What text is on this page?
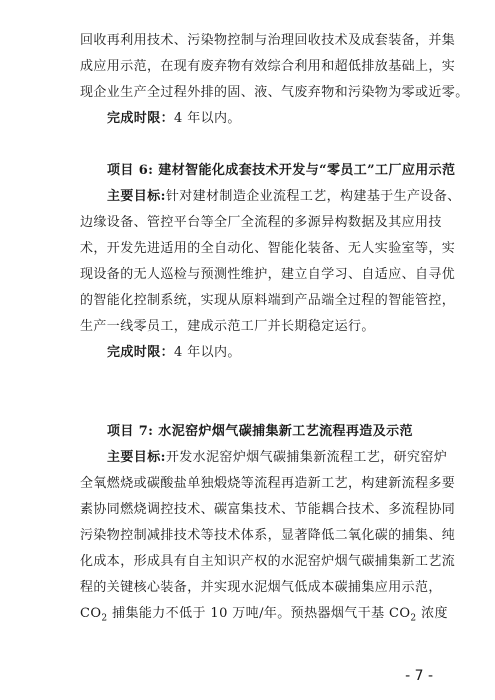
回收再利用技术、污染物控制与治理回收技术及成套装备，并集
成应用示范，在现有废弃物有效综合利用和超低排放基础上，实
现企业生产全过程外排的固、液、气废弃物和污染物为零或近零。
完成时限：4 年以内。
项目 6: 建材智能化成套技术开发与“零员工”工厂应用示范
主要目标:针对建材制造企业流程工艺，构建基于生产设备、
边缘设备、管控平台等全厂全流程的多源异构数据及其应用技
术，开发先进适用的全自动化、智能化装备、无人实验室等，实
现设备的无人巡检与预测性维护，建立自学习、自适应、自寻优
的智能化控制系统，实现从原料端到产品端全过程的智能管控，
生产一线零员工，建成示范工厂并长期稳定运行。
完成时限：4 年以内。
项目 7: 水泥窑炉烟气碳捕集新工艺流程再造及示范
主要目标:开发水泥窑炉烟气碳捕集新流程工艺，研究窑炉
全氧燃烧或碳酸盐单独煅烧等流程再造新工艺，构建新流程多要
素协同燃烧调控技术、碳富集技术、节能耦合技术、多流程协同
污染物控制减排技术等技术体系，显著降低二氧化碳的捕集、纯
化成本，形成具有自主知识产权的水泥窑炉烟气碳捕集新工艺流
程的关键核心装备，并实现水泥烟气低成本碳捕集应用示范，
$CO_2$ 捕集能力不低于 10 万吨/年。预热器烟气干基 $CO_2$ 浓度
- 7 -
